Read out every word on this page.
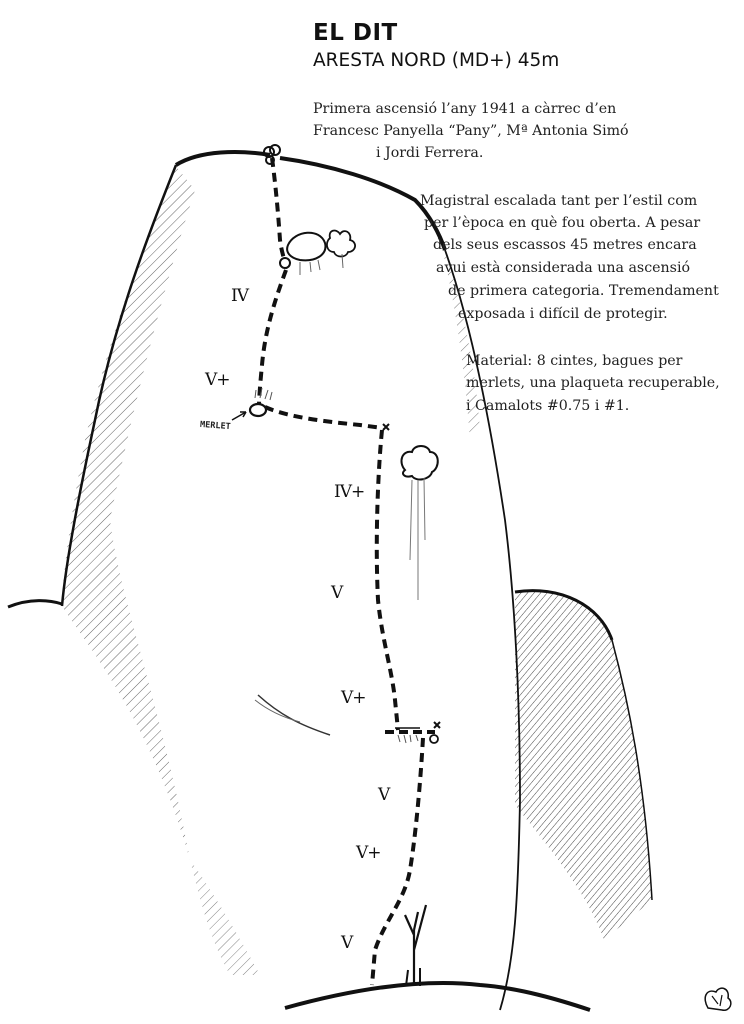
EL DIT
ARESTA NORD (MD+) 45m
Primera ascensió l’any 1941 a càrrec d’en
Francesc Panyella “Pany”, Mª Antonia Simó
i Jordi Ferrera.
Magistral escalada tant per l’estil com
per l’època en què fou oberta. A pesar
dels seus escassos 45 metres encara
avui està considerada una ascensió
de primera categoria. Tremendament
exposada i difícil de protegir.
Material: 8 cintes, bagues per
merlets, una plaqueta recuperable,
i Camalots #0.75 i #1.
IV
V+
IV+
V
V+
V
V+
V
MERLET
